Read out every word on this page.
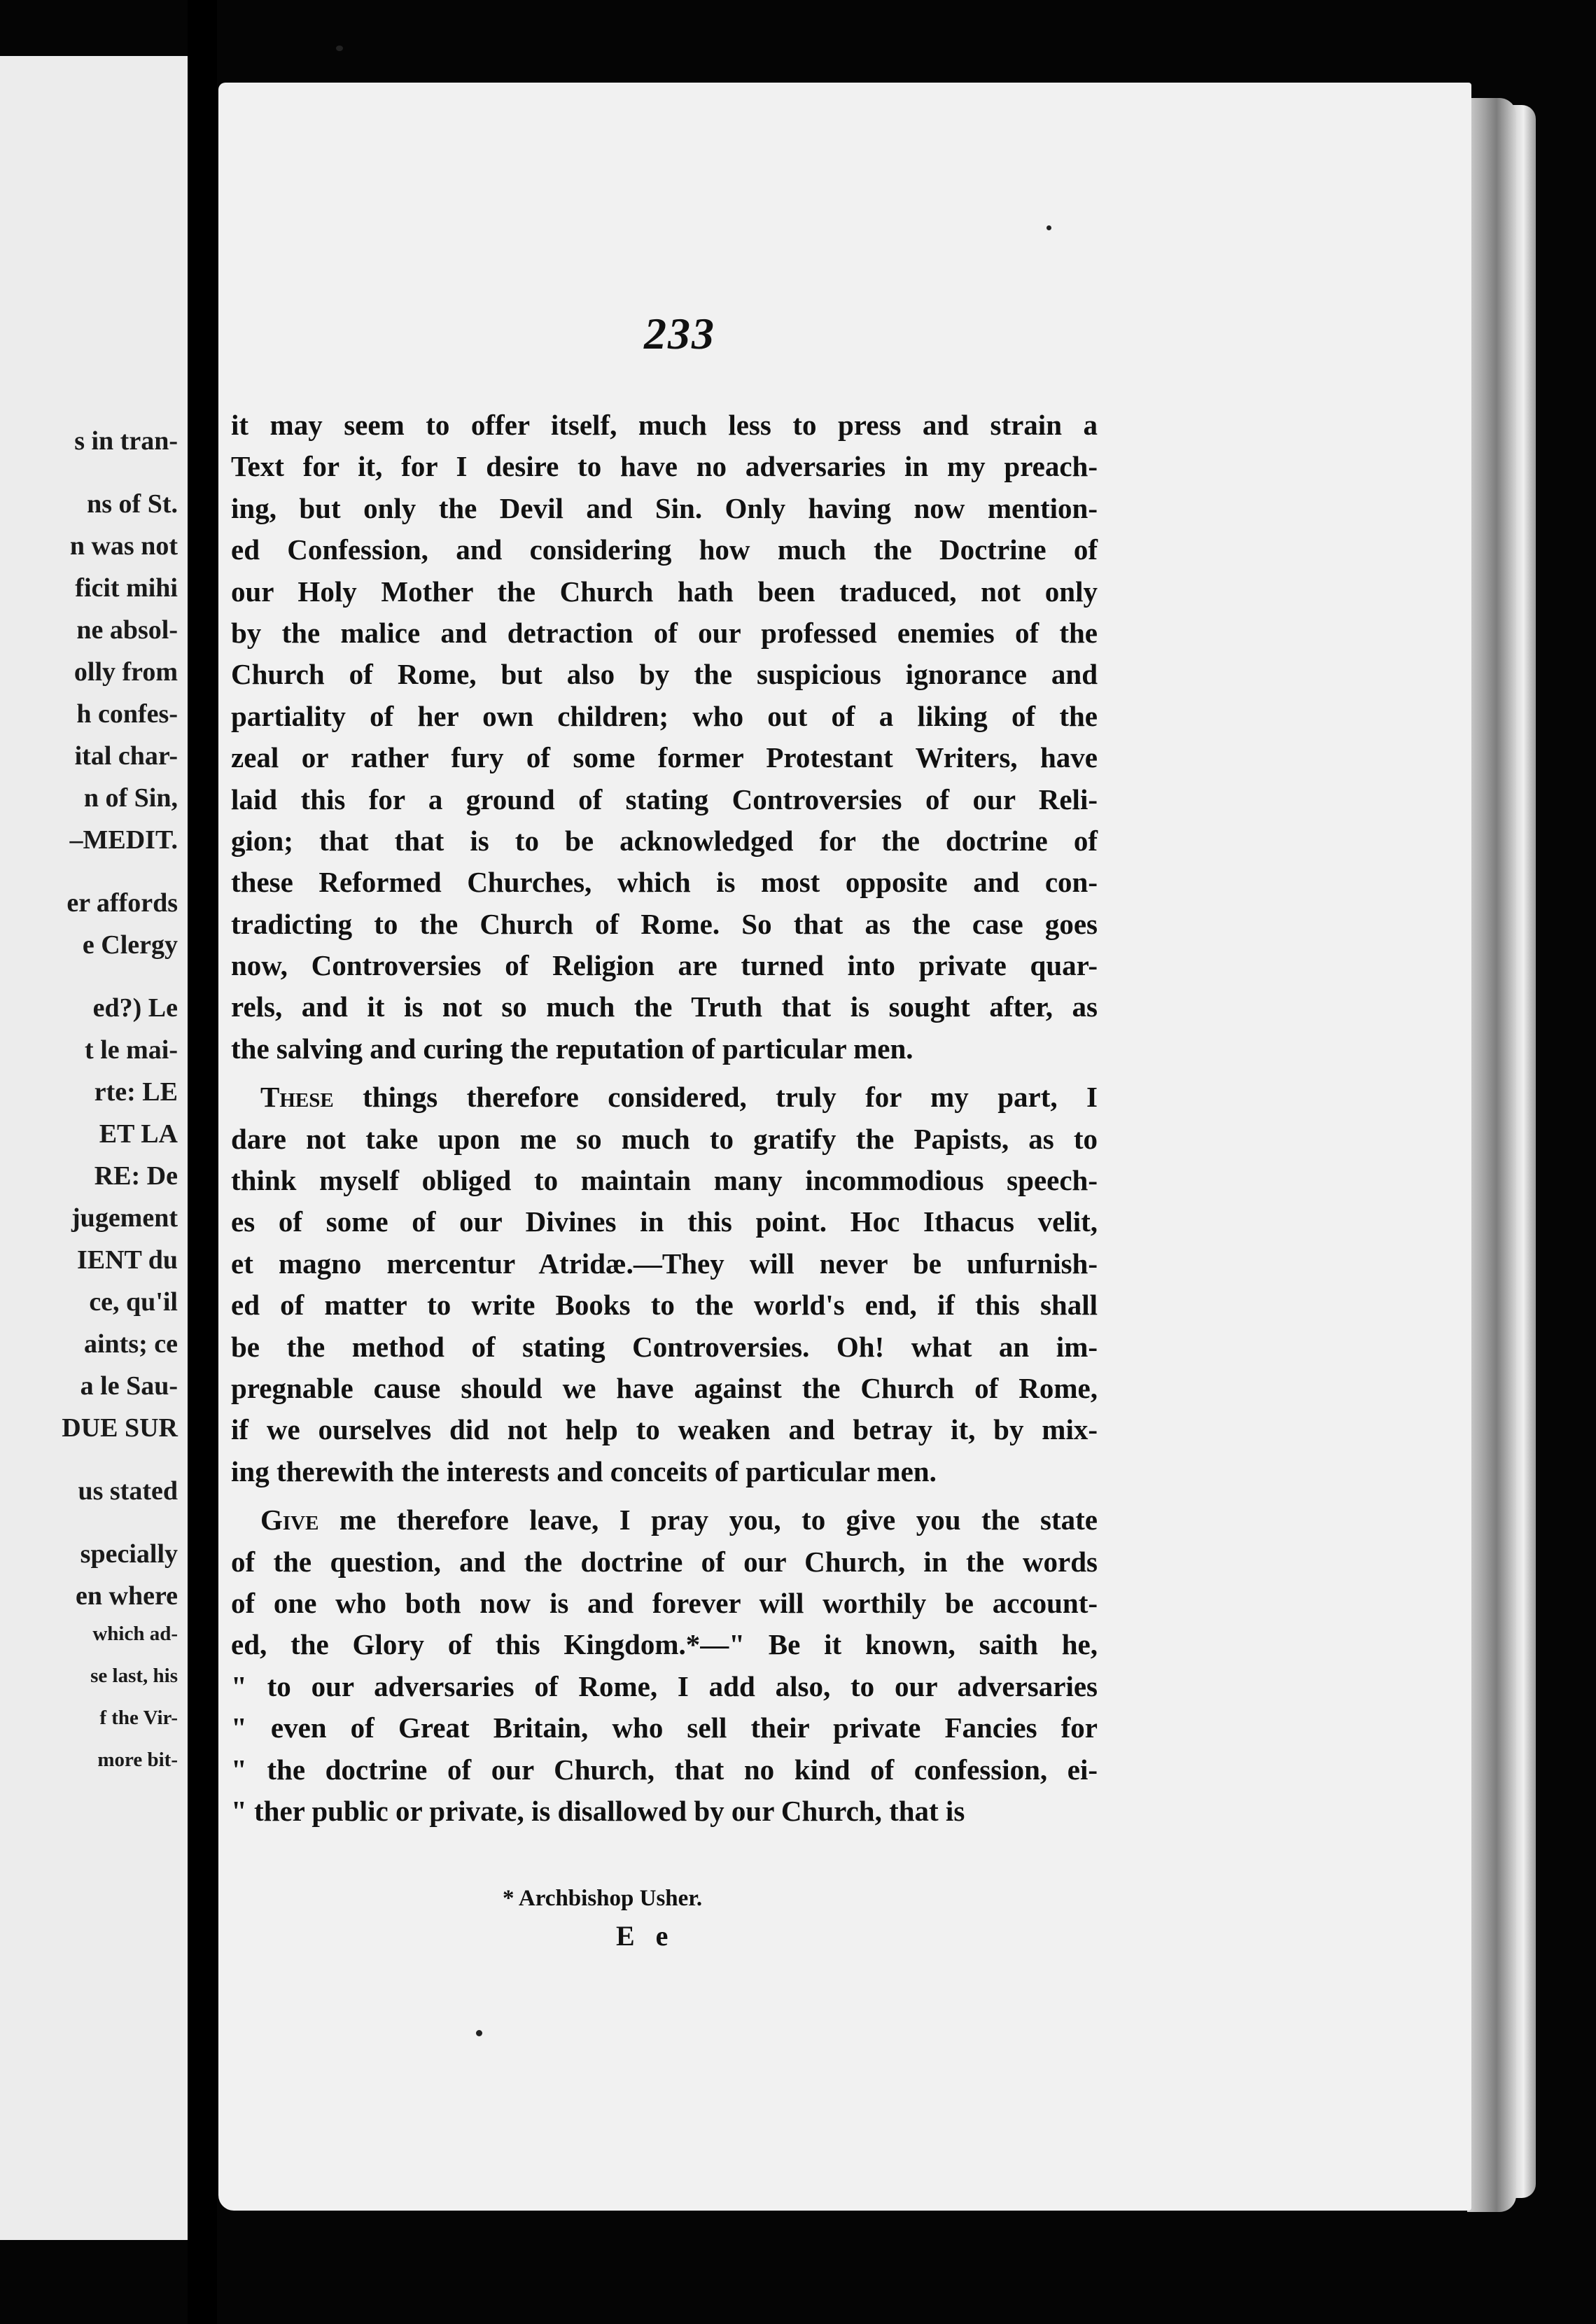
s in tran-
ns of St.
n was not
ficit mihi
ne absol-
olly from
h confes-
ital char-
n of Sin,
–MEDIT.
er affords
e Clergy
ed?) Le
t le mai-
rte: LE
ET LA
RE: De
jugement
IENT du
ce, qu'il
aints; ce
a le Sau-
DUE SUR
us stated
specially
en where
which ad-
se last, his
f the Vir-
more bit-
233
it may seem to offer itself, much less to press and strain a
Text for it, for I desire to have no adversaries in my preach-
ing, but only the Devil and Sin. Only having now mention-
ed Confession, and considering how much the Doctrine of
our Holy Mother the Church hath been traduced, not only
by the malice and detraction of our professed enemies of the
Church of Rome, but also by the suspicious ignorance and
partiality of her own children; who out of a liking of the
zeal or rather fury of some former Protestant Writers, have
laid this for a ground of stating Controversies of our Reli-
gion; that that is to be acknowledged for the doctrine of
these Reformed Churches, which is most opposite and con-
tradicting to the Church of Rome. So that as the case goes
now, Controversies of Religion are turned into private quar-
rels, and it is not so much the Truth that is sought after, as
the salving and curing the reputation of particular men.
These things therefore considered, truly for my part, I
dare not take upon me so much to gratify the Papists, as to
think myself obliged to maintain many incommodious speech-
es of some of our Divines in this point. Hoc Ithacus velit,
et magno mercentur Atridæ.—They will never be unfurnish-
ed of matter to write Books to the world's end, if this shall
be the method of stating Controversies. Oh! what an im-
pregnable cause should we have against the Church of Rome,
if we ourselves did not help to weaken and betray it, by mix-
ing therewith the interests and conceits of particular men.
Give me therefore leave, I pray you, to give you the state
of the question, and the doctrine of our Church, in the words
of one who both now is and forever will worthily be account-
ed, the Glory of this Kingdom.*—" Be it known, saith he,
" to our adversaries of Rome, I add also, to our adversaries
" even of Great Britain, who sell their private Fancies for
" the doctrine of our Church, that no kind of confession, ei-
" ther public or private, is disallowed by our Church, that is
* Archbishop Usher.
E e
